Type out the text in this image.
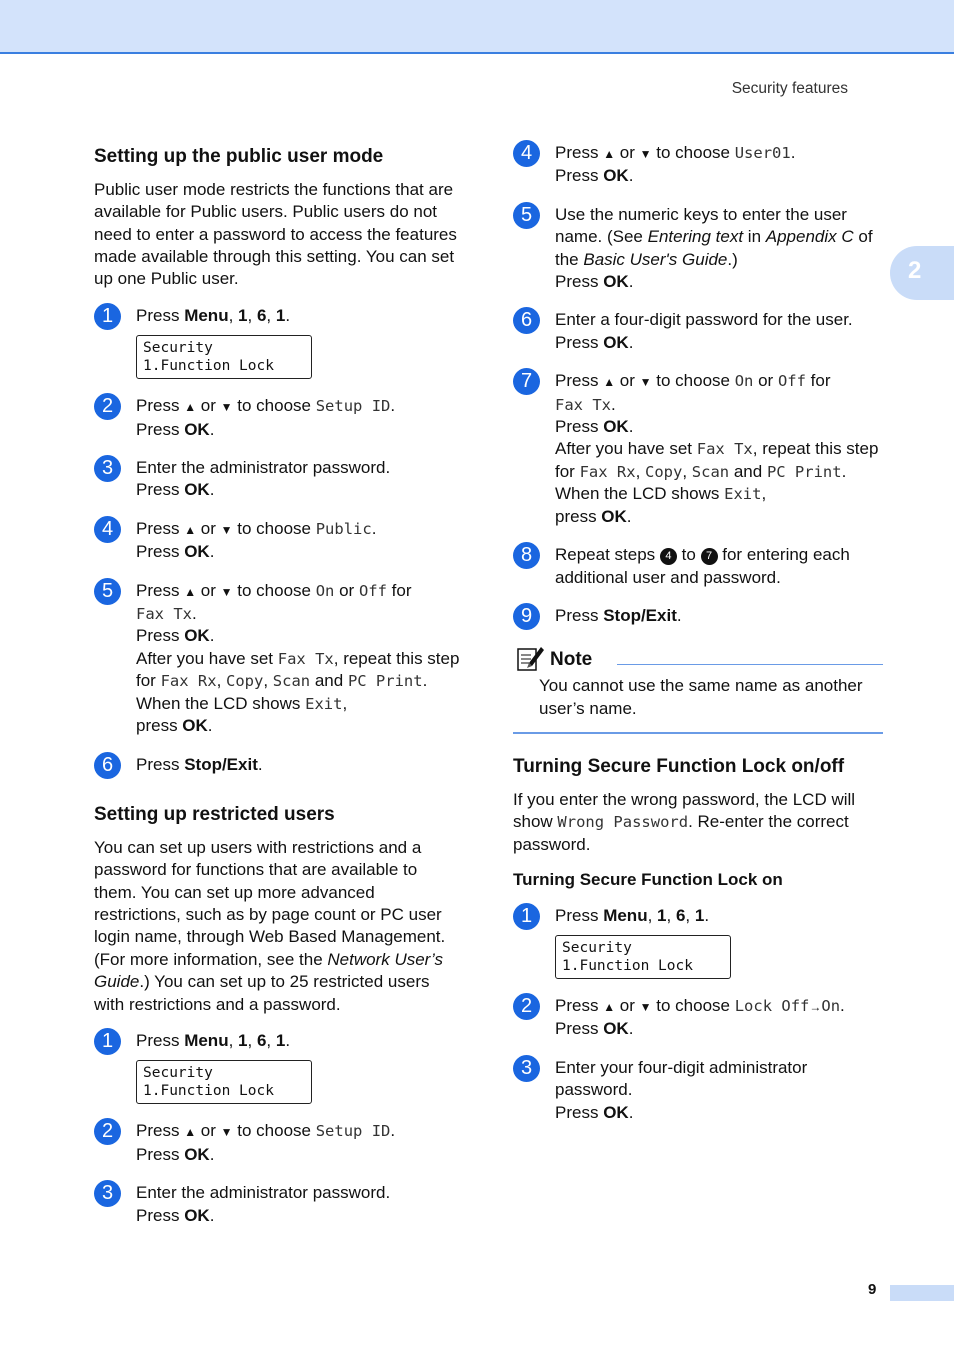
Security features
2
Setting up the public user mode

Public user mode restricts the functions that are available for Public users. Public users do not need to enter a password to access the features made available through this setting. You can set up one Public user.

1	Press Menu, 1, 6, 1.

Security
1.Function Lock
2	Press ▲ or ▼ to choose Setup ID.
Press OK.
3	Enter the administrator password.
Press OK.
4	Press ▲ or ▼ to choose Public.
Press OK.
5	Press ▲ or ▼ to choose On or Off for
Fax Tx.
Press OK.
After you have set Fax Tx, repeat this step for Fax Rx, Copy, Scan and PC Print. When the LCD shows Exit,
press OK.
6	Press Stop/Exit.
Setting up restricted users

You can set up users with restrictions and a password for functions that are available to them. You can set up more advanced restrictions, such as by page count or PC user login name, through Web Based Management. (For more information, see the Network User’s Guide.) You can set up to 25 restricted users with restrictions and a password.

1	Press Menu, 1, 6, 1.

Security
1.Function Lock
2	Press ▲ or ▼ to choose Setup ID.
Press OK.
3	Enter the administrator password.
Press OK.
4	Press ▲ or ▼ to choose User01.
Press OK.
5	Use the numeric keys to enter the user name. (See Entering text in Appendix C of the Basic User's Guide.)
Press OK.
6	Enter a four-digit password for the user.
Press OK.
7	Press ▲ or ▼ to choose On or Off for
Fax Tx.
Press OK.
After you have set Fax Tx, repeat this step for Fax Rx, Copy, Scan and PC Print. When the LCD shows Exit,
press OK.
8	Repeat steps 4 to 7 for entering each additional user and password.
9	Press Stop/Exit.
Note
You cannot use the same name as another user’s name.
Turning Secure Function Lock on/off

If you enter the wrong password, the LCD will show Wrong Password. Re-enter the correct password.

Turning Secure Function Lock on
1	Press Menu, 1, 6, 1.

Security
1.Function Lock
2	Press ▲ or ▼ to choose Lock Off→On.
Press OK.
3	Enter your four-digit administrator password.
Press OK.
9
